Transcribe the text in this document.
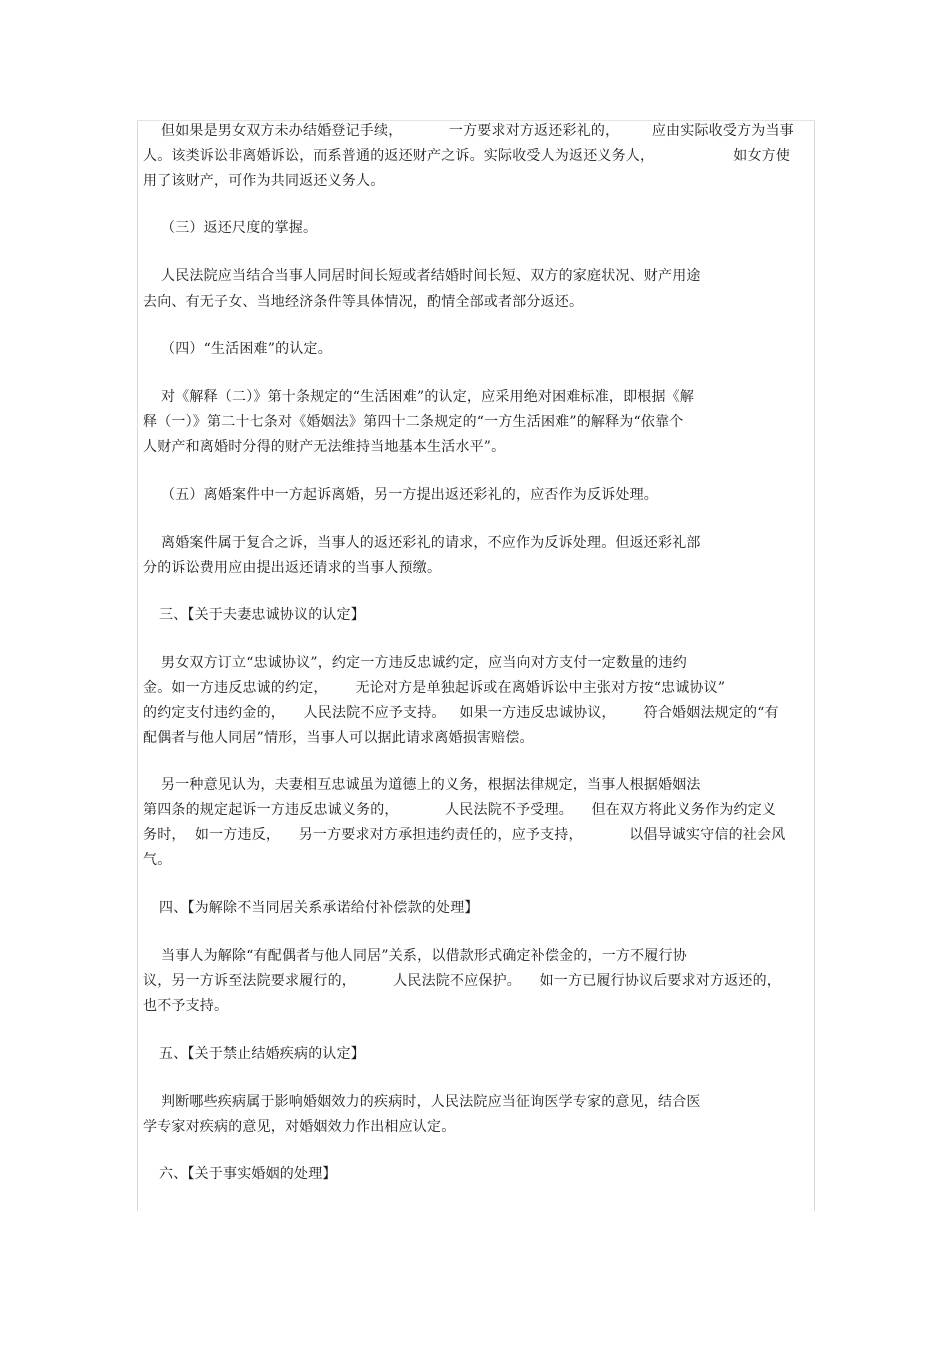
但如果是男女双方未办结婚登记手续，          一方要求对方返还彩礼的，       应由实际收受方为当事
人。该类诉讼非离婚诉讼，而系普通的返还财产之诉。实际收受人为返还义务人，                 如女方使
用了该财产，可作为共同返还义务人。
（三）返还尺度的掌握。
人民法院应当结合当事人同居时间长短或者结婚时间长短、双方的家庭状况、财产用途
去向、有无子女、当地经济条件等具体情况，酌情全部或者部分返还。
（四）“生活困难”的认定。
对《解释（二）》第十条规定的“生活困难”的认定，应采用绝对困难标准，即根据《解
释（一）》第二十七条对《婚姻法》第四十二条规定的“一方生活困难”的解释为“依靠个
人财产和离婚时分得的财产无法维持当地基本生活水平”。
（五）离婚案件中一方起诉离婚，另一方提出返还彩礼的，应否作为反诉处理。
离婚案件属于复合之诉，当事人的返还彩礼的请求，不应作为反诉处理。但返还彩礼部
分的诉讼费用应由提出返还请求的当事人预缴。
三、【关于夫妻忠诚协议的认定】
男女双方订立“忠诚协议”，约定一方违反忠诚约定，应当向对方支付一定数量的违约
金。如一方违反忠诚的约定，      无论对方是单独起诉或在离婚诉讼中主张对方按“忠诚协议”
的约定支付违约金的，    人民法院不应予支持。   如果一方违反忠诚协议，      符合婚姻法规定的“有
配偶者与他人同居”情形，当事人可以据此请求离婚损害赔偿。
另一种意见认为，夫妻相互忠诚虽为道德上的义务，根据法律规定，当事人根据婚姻法
第四条的规定起诉一方违反忠诚义务的，          人民法院不予受理。    但在双方将此义务作为约定义
务时，  如一方违反，    另一方要求对方承担违约责任的，应予支持，          以倡导诚实守信的社会风
气。
四、【为解除不当同居关系承诺给付补偿款的处理】
当事人为解除“有配偶者与他人同居”关系，以借款形式确定补偿金的，一方不履行协
议，另一方诉至法院要求履行的，        人民法院不应保护。    如一方已履行协议后要求对方返还的，
也不予支持。
五、【关于禁止结婚疾病的认定】
判断哪些疾病属于影响婚姻效力的疾病时，人民法院应当征询医学专家的意见，结合医
学专家对疾病的意见，对婚姻效力作出相应认定。
六、【关于事实婚姻的处理】
